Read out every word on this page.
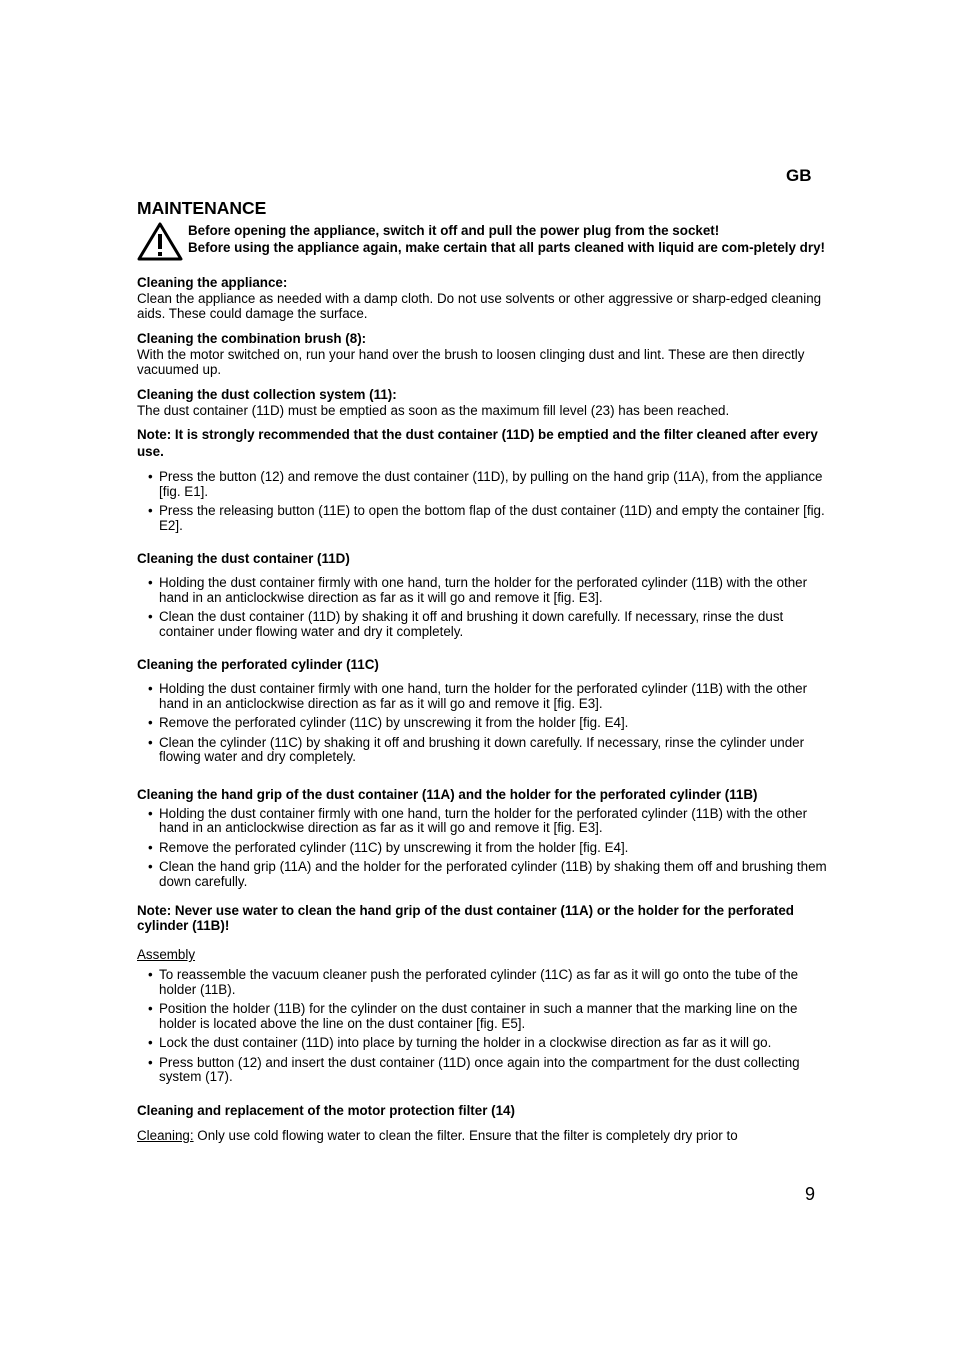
GB
MAINTENANCE

Before opening the appliance, switch it off and pull the power plug from the socket!

Before using the appliance again, make certain that all parts cleaned with liquid are com-pletely dry!

Cleaning the appliance:

Clean the appliance as needed with a damp cloth. Do not use solvents or other aggressive or sharp-edged cleaning aids. These could damage the surface.

Cleaning the combination brush (8):

With the motor switched on, run your hand over the brush to loosen clinging dust and lint. These are then directly vacuumed up.

Cleaning the dust collection system (11):

The dust container (11D) must be emptied as soon as the maximum fill level (23) has been reached.

Note: It is strongly recommended that the dust container (11D) be emptied and the filter cleaned after every use.

• Press the button (12) and remove the dust container (11D), by pulling on the hand grip (11A), from the appliance [fig. E1].
• Press the releasing button (11E) to open the bottom flap of the dust container (11D) and empty the container [fig. E2].
Cleaning the dust container (11D)
• Holding the dust container firmly with one hand, turn the holder for the perforated cylinder (11B) with the other hand in an anticlockwise direction as far as it will go and remove it [fig. E3].
• Clean the dust container (11D) by shaking it off and brushing it down carefully. If necessary, rinse the dust container under flowing water and dry it completely.
Cleaning the perforated cylinder (11C)
• Holding the dust container firmly with one hand, turn the holder for the perforated cylinder (11B) with the other hand in an anticlockwise direction as far as it will go and remove it [fig. E3].
• Remove the perforated cylinder (11C) by unscrewing it from the holder [fig. E4].
• Clean the cylinder (11C) by shaking it off and brushing it down carefully. If necessary, rinse the cylinder under flowing water and dry completely.
Cleaning the hand grip of the dust container (11A) and the holder for the perforated cylinder (11B)
• Holding the dust container firmly with one hand, turn the holder for the perforated cylinder (11B) with the other hand in an anticlockwise direction as far as it will go and remove it [fig. E3].
• Remove the perforated cylinder (11C) by unscrewing it from the holder [fig. E4].
• Clean the hand grip (11A) and the holder for the perforated cylinder (11B) by shaking them off and brushing them down carefully.

Note: Never use water to clean the hand grip of the dust container (11A) or the holder for the perforated cylinder (11B)!

Assembly

• To reassemble the vacuum cleaner push the perforated cylinder (11C) as far as it will go onto the tube of the holder (11B).
• Position the holder (11B) for the cylinder on the dust container in such a manner that the marking line on the holder is located above the line on the dust container [fig. E5].
• Lock the dust container (11D) into place by turning the holder in a clockwise direction as far as it will go.
• Press button (12) and insert the dust container (11D) once again into the compartment for the dust collecting system (17).
Cleaning and replacement of the motor protection filter (14)

Cleaning: Only use cold flowing water to clean the filter. Ensure that the filter is completely dry prior to

9
